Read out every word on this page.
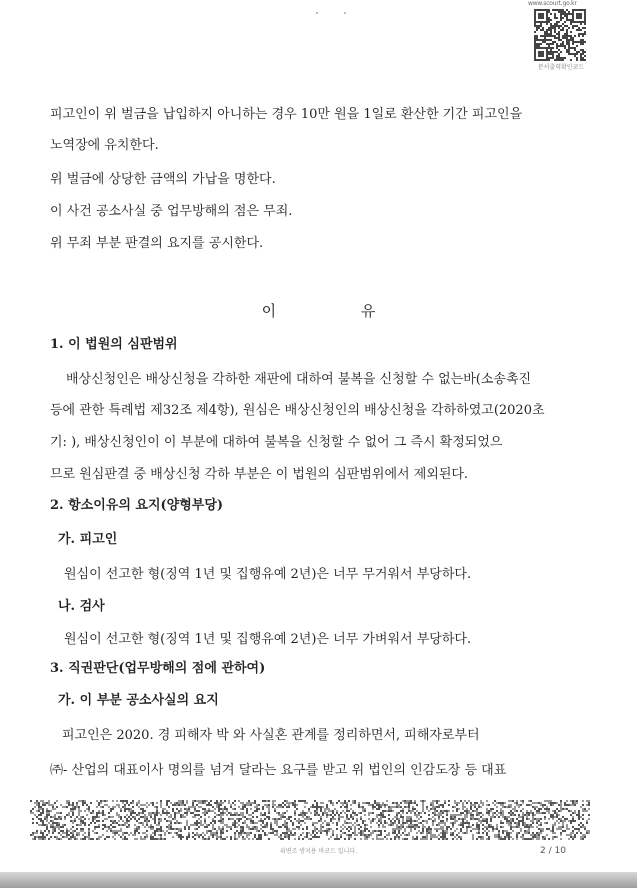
www.scourt.go.kr
문서출력확인코드
피고인이 위 벌금을 납입하지 아니하는 경우 10만 원을 1일로 환산한 기간 피고인을
노역장에 유치한다.
위 벌금에 상당한 금액의 가납을 명한다.
이 사건 공소사실 중 업무방해의 점은 무죄.
위 무죄 부분 판결의 요지를 공시한다.
이 유
1. 이 법원의 심판범위
배상신청인은 배상신청을 각하한 재판에 대하여 불복을 신청할 수 없는바(소송촉진
등에 관한 특례법 제32조 제4항), 원심은 배상신청인의 배상신청을 각하하였고(2020초
기: ), 배상신청인이 이 부분에 대하여 불복을 신청할 수 없어 그 즉시 확정되었으
므로 원심판결 중 배상신청 각하 부분은 이 법원의 심판범위에서 제외된다.
2. 항소이유의 요지(양형부당)
가. 피고인
원심이 선고한 형(징역 1년 및 집행유예 2년)은 너무 무거워서 부당하다.
나. 검사
원심이 선고한 형(징역 1년 및 집행유예 2년)은 너무 가벼워서 부당하다.
3. 직권판단(업무방해의 점에 관하여)
가. 이 부분 공소사실의 요지
피고인은 2020. 경 피해자 박 와 사실혼 관계를 정리하면서, 피해자로부터
㈜- 산업의 대표이사 명의를 넘겨 달라는 요구를 받고 위 법인의 인감도장 등 대표
위변조 방지용 바코드 입니다.	2 / 10
